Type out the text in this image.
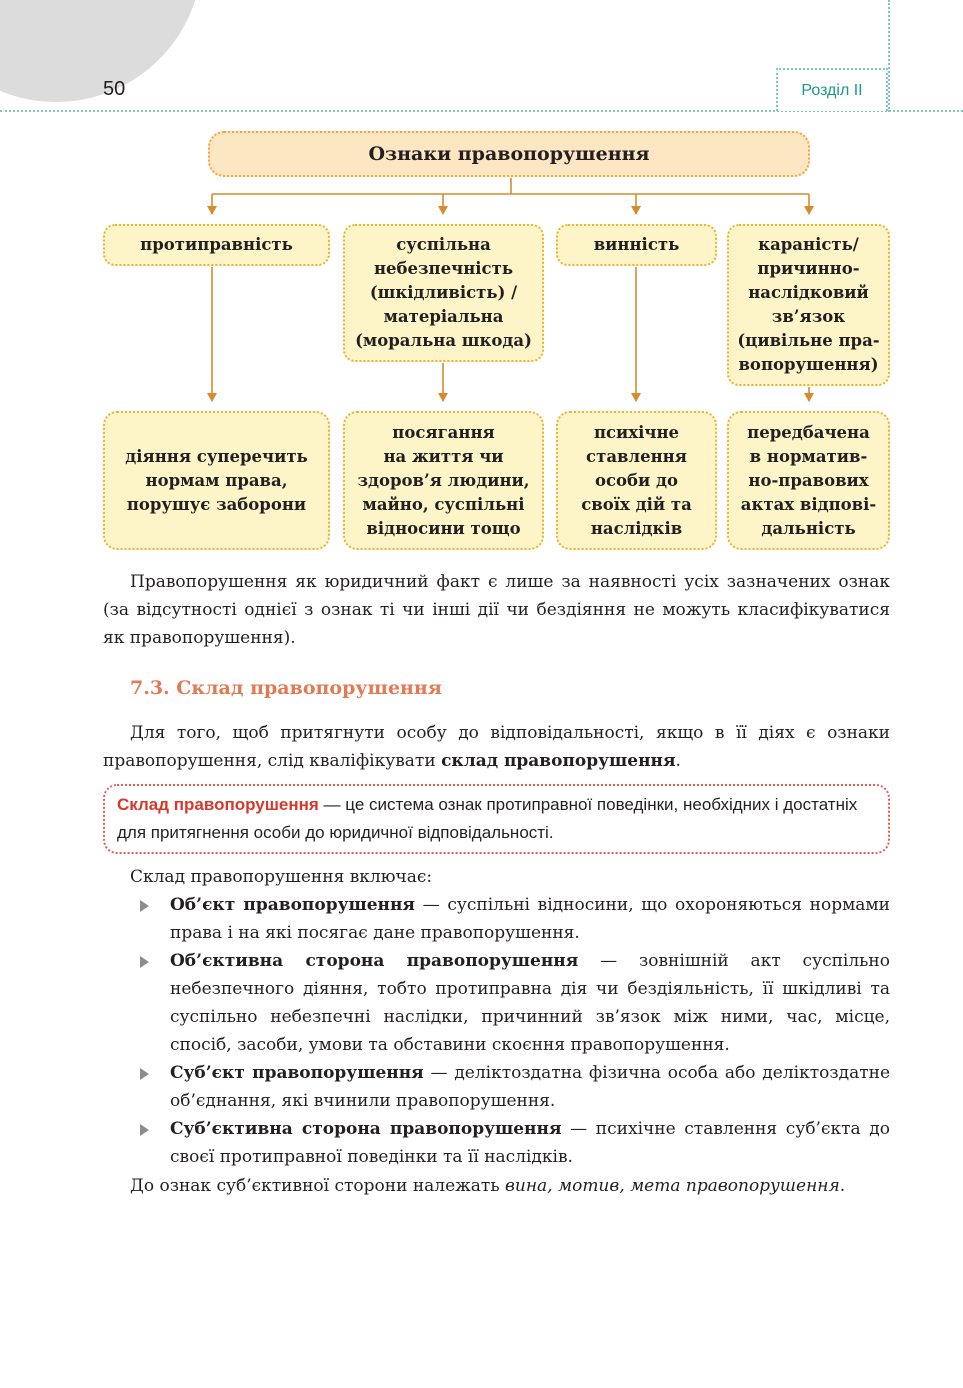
50	Розділ ІІ
Ознаки правопорушення
протиправність	суспільна
небезпечність
(шкідливість) /
матеріальна
(моральна шкода)
винність	караність/
причинно-
наслідковий
зв’язок
(цивільне пра-
вопорушення)
діяння суперечить
нормам права,
порушує заборони
посягання
на життя чи
здоров’я людини,
майно, суспільні
відносини тощо
психічне
ставлення
особи до
своїх дій та
наслідків
передбачена
в норматив-
но-правових
актах відпові-
дальність

Правопорушення як юридичний факт є лише за наявності усіх зазначених ознак (за відсутності однієї з ознак ті чи інші дії чи бездіяння не можуть класифікуватися як правопорушення).

7.3. Склад правопорушення

Для того, щоб притягнути особу до відповідальності, якщо в її діях є ознаки правопорушення, слід кваліфікувати склад правопорушення.

Склад правопорушення — це система ознак протиправної поведінки, необхідних і достатніх для притягнення особи до юридичної відповідальності.

Склад правопорушення включає:

Об’єкт правопорушення — суспільні відносини, що охороняються нормами права і на які посягає дане правопорушення.
Об’єктивна сторона правопорушення — зовнішній акт суспільно небезпечного діяння, тобто протиправна дія чи бездіяльність, її шкідливі та суспільно небезпечні наслідки, причинний зв’язок між ними, час, місце, спосіб, засоби, умови та обставини скоєння правопорушення.
Суб’єкт правопорушення — деліктоздатна фізична особа або деліктоздатне об’єднання, які вчинили правопорушення.
Суб’єктивна сторона правопорушення — психічне ставлення суб’єкта до своєї протиправної поведінки та її наслідків.

До ознак суб’єктивної сторони належать вина, мотив, мета правопорушення.
